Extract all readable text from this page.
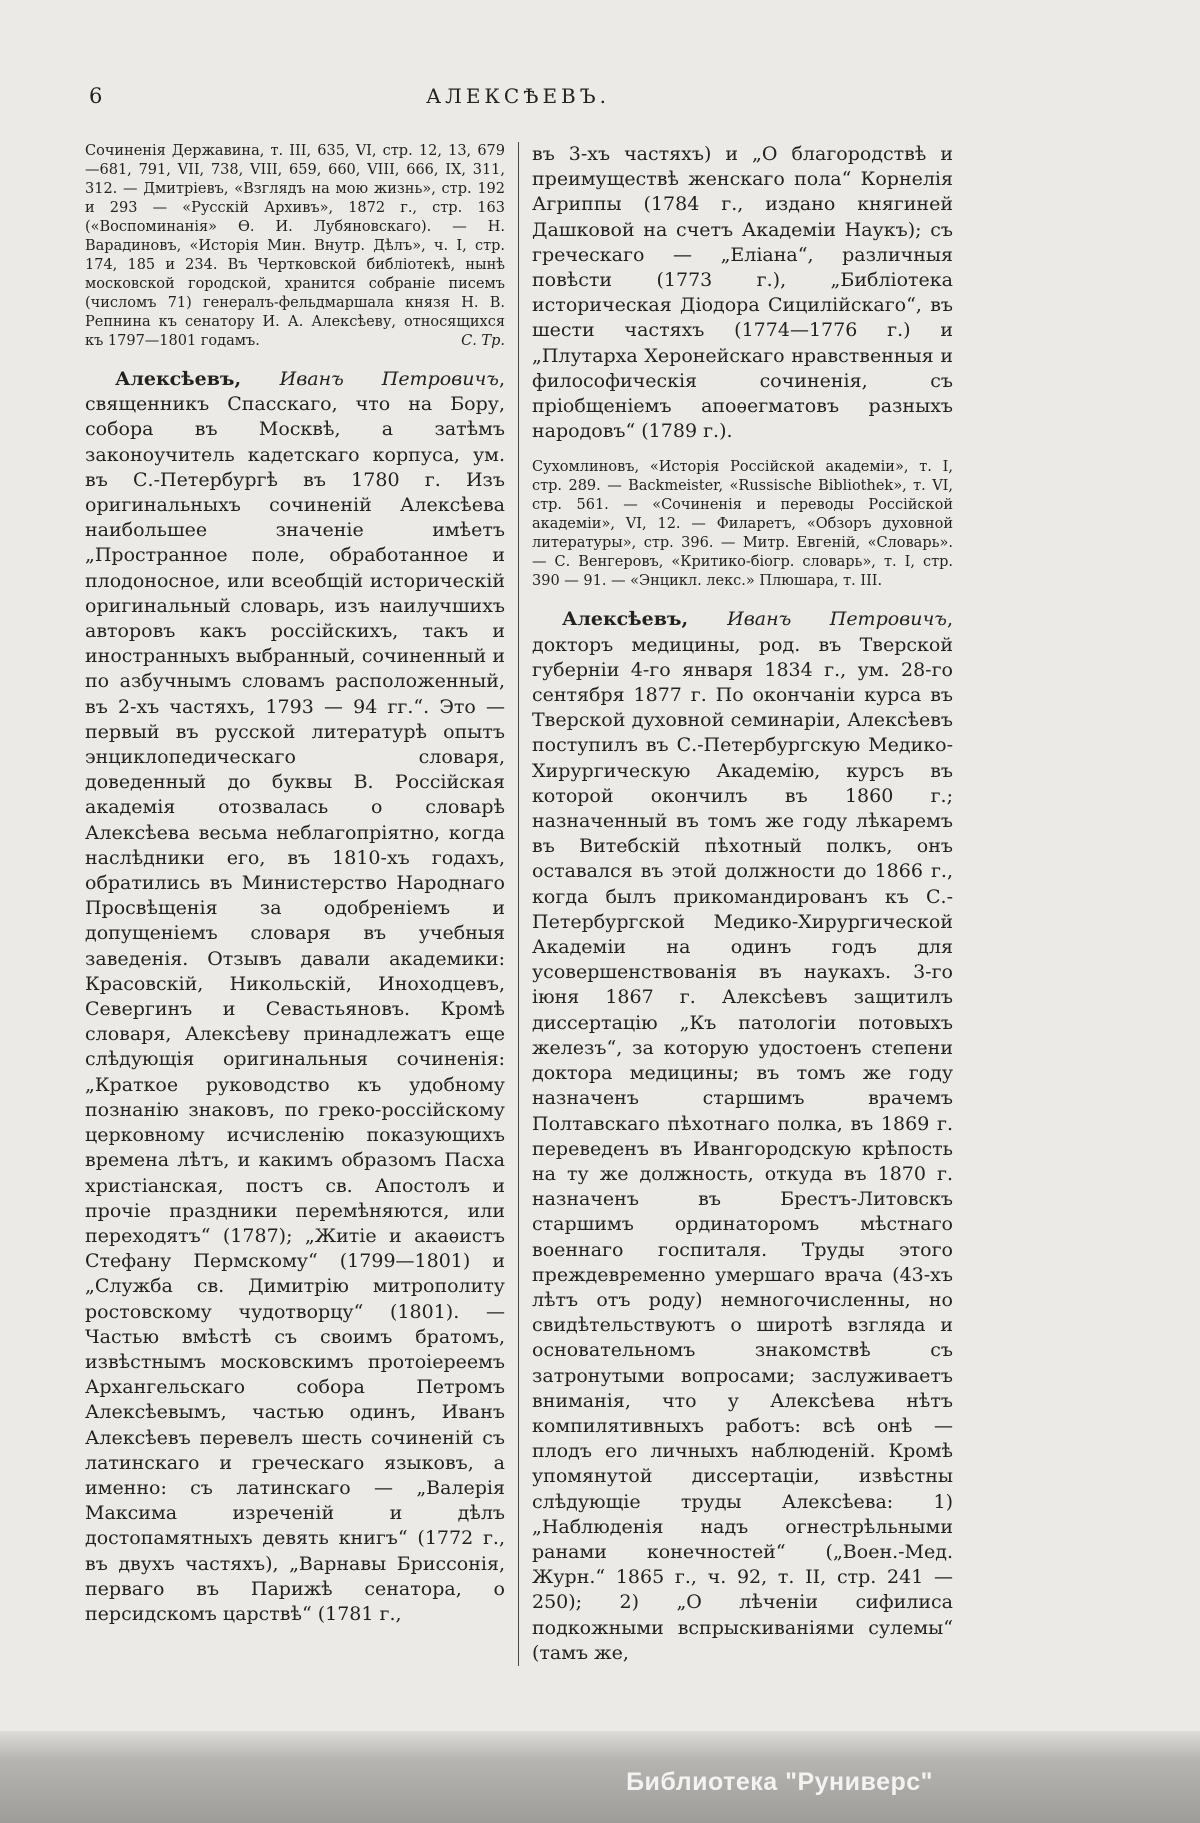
6	АЛЕКСѢЕВЪ.

Сочиненія Державина, т. III, 635, VI, стр. 12, 13, 679—681, 791, VII, 738, VIII, 659, 660, VIII, 666, IX, 311, 312. — Дмитріевъ, «Взглядъ на мою жизнь», стр. 192 и 293 — «Русскій Архивъ», 1872 г., стр. 163 («Воспоминанія» Ѳ. И. Лубяновскаго). — Н. Варадиновъ, «Исторія Мин. Внутр. Дѣлъ», ч. I, стр. 174, 185 и 234. Въ Чертковской библіотекѣ, нынѣ московской городской, хранится собраніе писемъ (числомъ 71) генералъ-фельдмаршала князя Н. В. Репнина къ сенатору И. А. Алексѣеву, относящихся къ 1797—1801 годамъ.	С. Тр.

Алексѣевъ, Иванъ Петровичъ, священникъ Спасскаго, что на Бору, собора въ Москвѣ, а затѣмъ законоучитель кадетскаго корпуса, ум. въ С.-Петербургѣ въ 1780 г. Изъ оригинальныхъ сочиненій Алексѣева наибольшее значеніе имѣетъ „Пространное поле, обработанное и плодоносное, или всеобщій историческій оригинальный словарь, изъ наилучшихъ авторовъ какъ россійскихъ, такъ и иностранныхъ выбранный, сочиненный и по азбучнымъ словамъ расположенный, въ 2-хъ частяхъ, 1793 — 94 гг.“. Это — первый въ русской литературѣ опытъ энциклопедическаго словаря, доведенный до буквы В. Россійская академія отозвалась о словарѣ Алексѣева весьма неблагопріятно, когда наслѣдники его, въ 1810-хъ годахъ, обратились въ Министерство Народнаго Просвѣщенія за одобреніемъ и допущеніемъ словаря въ учебныя заведенія. Отзывъ давали академики: Красовскій, Никольскій, Иноходцевъ, Севергинъ и Севастьяновъ. Кромѣ словаря, Алексѣеву принадлежатъ еще слѣдующія оригинальныя сочиненія: „Краткое руководство къ удобному познанію знаковъ, по греко-россійскому церковному исчисленію показующихъ времена лѣтъ, и какимъ образомъ Пасха христіанская, постъ св. Апостолъ и прочіе праздники перемѣняются, или переходятъ“ (1787); „Житіе и акаѳистъ Стефану Пермскому“ (1799—1801) и „Служба св. Димитрію митрополиту ростовскому чудотворцу“ (1801). — Частью вмѣстѣ съ своимъ братомъ, извѣстнымъ московскимъ протоіереемъ Архангельскаго собора Петромъ Алексѣевымъ, частью одинъ, Иванъ Алексѣевъ перевелъ шесть сочиненій съ латинскаго и греческаго языковъ, а именно: съ латинскаго — „Валерія Максима изреченій и дѣлъ достопамятныхъ девять книгъ“ (1772 г., въ двухъ частяхъ), „Варнавы Бриссонія, перваго въ Парижѣ сенатора, о персидскомъ царствѣ“ (1781 г.,

въ 3-хъ частяхъ) и „О благородствѣ и преимуществѣ женскаго пола“ Корнелія Агриппы (1784 г., издано княгиней Дашковой на счетъ Академіи Наукъ); съ греческаго — „Еліана“, различныя повѣсти (1773 г.), „Библіотека историческая Діодора Сицилійскаго“, въ шести частяхъ (1774—1776 г.) и „Плутарха Херонейскаго нравственныя и философическія сочиненія, съ пріобщеніемъ апоѳегматовъ разныхъ народовъ“ (1789 г.).

Сухомлиновъ, «Исторія Россійской академіи», т. I, стр. 289. — Backmeister, «Russische Bibliothek», т. VI, стр. 561. — «Сочиненія и переводы Россійской академіи», VI, 12. — Филаретъ, «Обзоръ духовной литературы», стр. 396. — Митр. Евгеній, «Словарь». — С. Венгеровъ, «Критико-біогр. словарь», т. I, стр. 390 — 91. — «Энцикл. лекс.» Плюшара, т. III.

Алексѣевъ, Иванъ Петровичъ, докторъ медицины, род. въ Тверской губерніи 4-го января 1834 г., ум. 28-го сентября 1877 г. По окончаніи курса въ Тверской духовной семинаріи, Алексѣевъ поступилъ въ С.-Петербургскую Медико-Хирургическую Академію, курсъ въ которой окончилъ въ 1860 г.; назначенный въ томъ же году лѣкаремъ въ Витебскій пѣхотный полкъ, онъ оставался въ этой должности до 1866 г., когда былъ прикомандированъ къ С.-Петербургской Медико-Хирургической Академіи на одинъ годъ для усовершенствованія въ наукахъ. 3-го іюня 1867 г. Алексѣевъ защитилъ диссертацію „Къ патологіи потовыхъ железъ“, за которую удостоенъ степени доктора медицины; въ томъ же году назначенъ старшимъ врачемъ Полтавскаго пѣхотнаго полка, въ 1869 г. переведенъ въ Ивангородскую крѣпость на ту же должность, откуда въ 1870 г. назначенъ въ Брестъ-Литовскъ старшимъ ординаторомъ мѣстнаго военнаго госпиталя. Труды этого преждевременно умершаго врача (43-хъ лѣтъ отъ роду) немногочисленны, но свидѣтельствуютъ о широтѣ взгляда и основательномъ знакомствѣ съ затронутыми вопросами; заслуживаетъ вниманія, что у Алексѣева нѣтъ компилятивныхъ работъ: всѣ онѣ — плодъ его личныхъ наблюденій. Кромѣ упомянутой диссертаціи, извѣстны слѣдующіе труды Алексѣева: 1) „Наблюденія надъ огнестрѣльными ранами конечностей“ („Воен.-Мед. Журн.“ 1865 г., ч. 92, т. II, стр. 241 — 250); 2) „О лѣченіи сифилиса подкожными вспрыскиваніями сулемы“ (тамъ же,

Библиотека "Руниверс"
